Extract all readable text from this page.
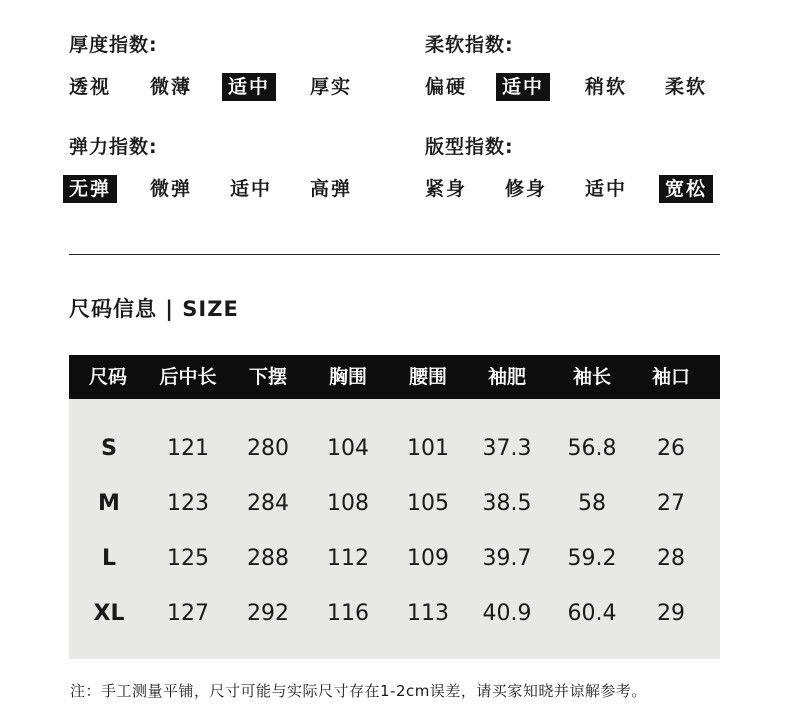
厚度指数:
透视	微薄	适中	厚实
柔软指数:
偏硬	适中	稍软	柔软
弹力指数:
无弹	微弹	适中	高弹
版型指数:
紧身	修身	适中	宽松
尺码信息 | SIZE
尺码	后中长	下摆	胸围	腰围	袖肥	袖长	袖口
S	121	280	104	101	37.3	56.8	26
M	123	284	108	105	38.5	58	27
L	125	288	112	109	39.7	59.2	28
XL	127	292	116	113	40.9	60.4	29
注：手工测量平铺，尺寸可能与实际尺寸存在1-2cm误差，请买家知晓并谅解参考。
